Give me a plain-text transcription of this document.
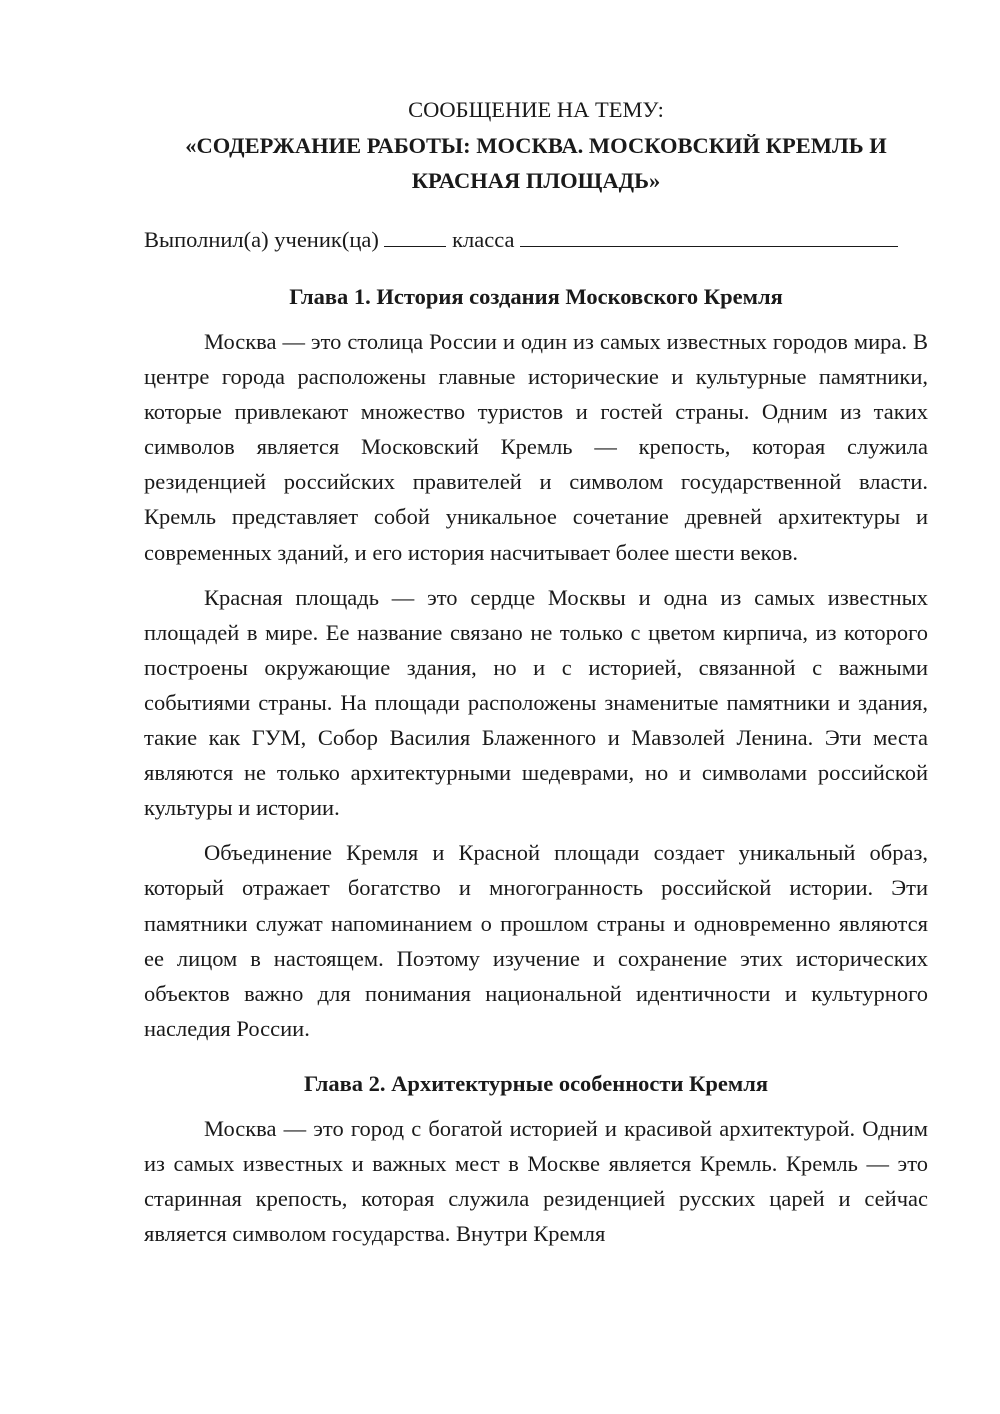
СООБЩЕНИЕ НА ТЕМУ:

«СОДЕРЖАНИЕ РАБОТЫ: МОСКВА. МОСКОВСКИЙ КРЕМЛЬ И КРАСНАЯ ПЛОЩАДЬ»

Выполнил(а) ученик(ца)	класса

Глава 1. История создания Московского Кремля

Москва — это столица России и один из самых известных городов мира. В центре города расположены главные исторические и культурные памятники, которые привлекают множество туристов и гостей страны. Одним из таких символов является Московский Кремль — крепость, которая служила резиденцией российских правителей и символом государственной власти. Кремль представляет собой уникальное сочетание древней архитектуры и современных зданий, и его история насчитывает более шести веков.

Красная площадь — это сердце Москвы и одна из самых известных площадей в мире. Ее название связано не только с цветом кирпича, из которого построены окружающие здания, но и с историей, связанной с важными событиями страны. На площади расположены знаменитые памятники и здания, такие как ГУМ, Собор Василия Блаженного и Мавзолей Ленина. Эти места являются не только архитектурными шедеврами, но и символами российской культуры и истории.

Объединение Кремля и Красной площади создает уникальный образ, который отражает богатство и многогранность российской истории. Эти памятники служат напоминанием о прошлом страны и одновременно являются ее лицом в настоящем. Поэтому изучение и сохранение этих исторических объектов важно для понимания национальной идентичности и культурного наследия России.

Глава 2. Архитектурные особенности Кремля

Москва — это город с богатой историей и красивой архитектурой. Одним из самых известных и важных мест в Москве является Кремль. Кремль — это старинная крепость, которая служила резиденцией русских царей и сейчас является символом государства. Внутри Кремля
